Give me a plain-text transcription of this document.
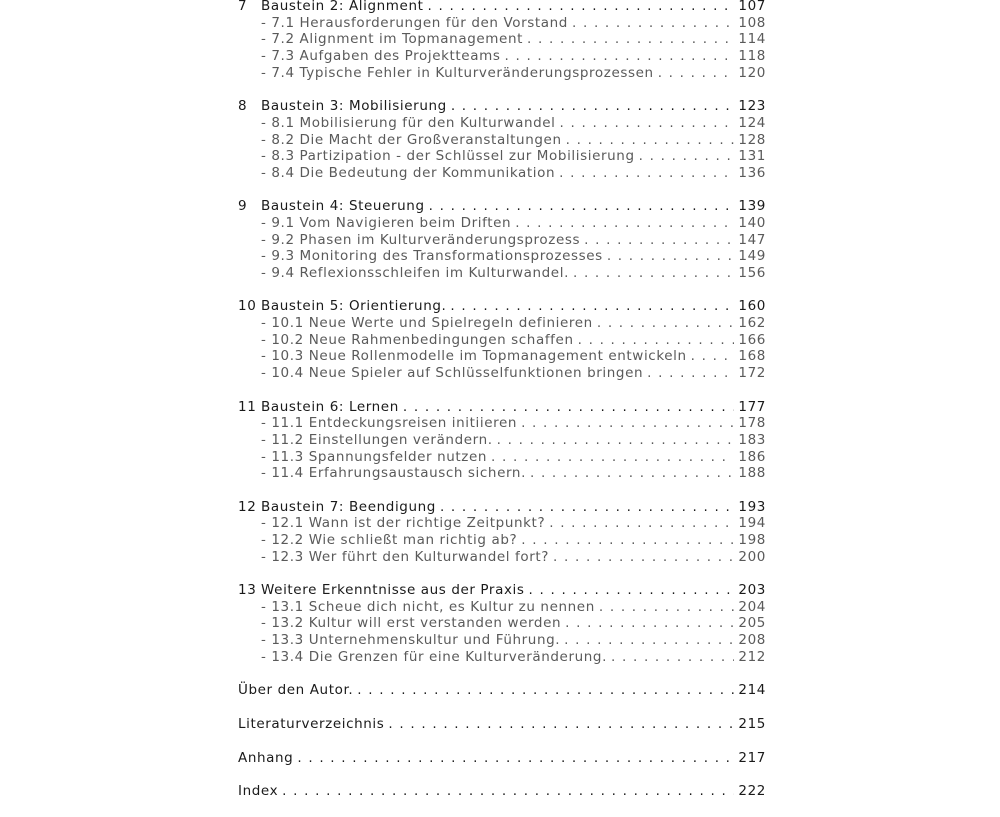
7	Baustein 2: Alignment . . .	107
- 7.1 Herausforderungen für den Vorstand . . .	108
- 7.2 Alignment im Topmanagement . . .	114
- 7.3 Aufgaben des Projektteams . . .	118
- 7.4 Typische Fehler in Kulturveränderungsprozessen . . .	120
8	Baustein 3: Mobilisierung . . .	123
- 8.1 Mobilisierung für den Kulturwandel . . .	124
- 8.2 Die Macht der Großveranstaltungen . . .	128
- 8.3 Partizipation - der Schlüssel zur Mobilisierung . . .	131
- 8.4 Die Bedeutung der Kommunikation . . .	136
9	Baustein 4: Steuerung . . .	139
- 9.1 Vom Navigieren beim Driften . . .	140
- 9.2 Phasen im Kulturveränderungsprozess . . .	147
- 9.3 Monitoring des Transformationsprozesses . . .	149
- 9.4 Reflexionsschleifen im Kulturwandel. . . .	156
10 Baustein 5: Orientierung. . . .	160
- 10.1 Neue Werte und Spielregeln definieren . . .	162
- 10.2 Neue Rahmenbedingungen schaffen . . .	166
- 10.3 Neue Rollenmodelle im Topmanagement entwickeln . . .	168
- 10.4 Neue Spieler auf Schlüsselfunktionen bringen . . .	172
11 Baustein 6: Lernen . . .	177
- 11.1 Entdeckungsreisen initiieren . . .	178
- 11.2 Einstellungen verändern. . . .	183
- 11.3 Spannungsfelder nutzen . . .	186
- 11.4 Erfahrungsaustausch sichern. . . .	188
12 Baustein 7: Beendigung . . .	193
- 12.1 Wann ist der richtige Zeitpunkt? . . .	194
- 12.2 Wie schließt man richtig ab? . . .	198
- 12.3 Wer führt den Kulturwandel fort? . . .	200
13 Weitere Erkenntnisse aus der Praxis . . .	203
- 13.1 Scheue dich nicht, es Kultur zu nennen . . .	204
- 13.2 Kultur will erst verstanden werden . . .	205
- 13.3 Unternehmenskultur und Führung. . . .	208
- 13.4 Die Grenzen für eine Kulturveränderung. . . .	212
Über den Autor. . . .	214
Literaturverzeichnis . . .	215
Anhang . . .	217
Index . . .	222
